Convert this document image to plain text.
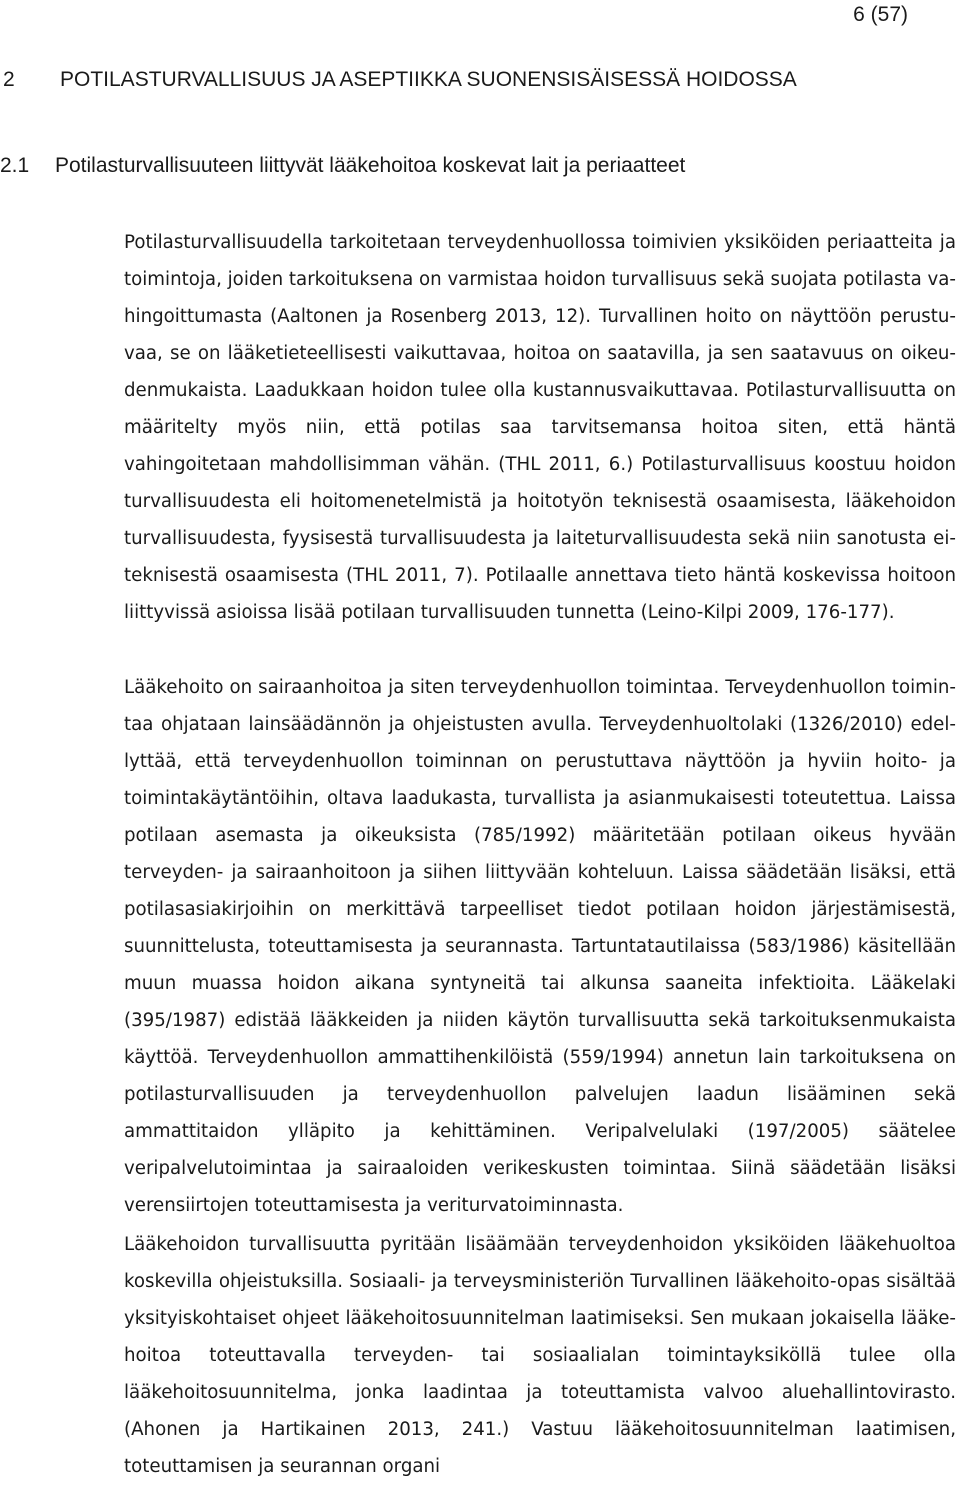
6 (57)
2 POTILASTURVALLISUUS JA ASEPTIIKKA SUONENSISÄISESSÄ HOIDOSSA
2.1 Potilasturvallisuuteen liittyvät lääkehoitoa koskevat lait ja periaatteet

Potilasturvallisuudella tarkoitetaan terveydenhuollossa toimivien yksiköiden periaatteita ja toimintoja, joiden tarkoituksena on varmistaa hoidon turvallisuus sekä suojata potilasta vahingoittumasta (Aaltonen ja Rosenberg 2013, 12). Turvallinen hoito on näyttöön perustuvaa, se on lääketieteellisesti vaikuttavaa, hoitoa on saatavilla, ja sen saatavuus on oikeudenmukaista. Laadukkaan hoidon tulee olla kustannusvaikuttavaa. Potilasturvallisuutta on määritelty myös niin, että potilas saa tarvitsemansa hoitoa siten, että häntä vahingoitetaan mahdollisimman vähän. (THL 2011, 6.) Potilasturvallisuus koostuu hoidon turvallisuudesta eli hoitomenetelmistä ja hoitotyön teknisestä osaamisesta, lääkehoidon turvallisuudesta, fyysisestä turvallisuudesta ja laiteturvallisuudesta sekä niin sanotusta ei-teknisestä osaamisesta (THL 2011, 7). Potilaalle annettava tieto häntä koskevissa hoitoon liittyvissä asioissa lisää potilaan turvallisuuden tunnetta (Leino-Kilpi 2009, 176-177).

Lääkehoito on sairaanhoitoa ja siten terveydenhuollon toimintaa. Terveydenhuollon toimintaa ohjataan lainsäädännön ja ohjeistusten avulla. Terveydenhuoltolaki (1326/2010) edellyttää, että terveydenhuollon toiminnan on perustuttava näyttöön ja hyviin hoito- ja toimintakäytäntöihin, oltava laadukasta, turvallista ja asianmukaisesti toteutettua. Laissa potilaan asemasta ja oikeuksista (785/1992) määritetään potilaan oikeus hyvään terveyden- ja sairaanhoitoon ja siihen liittyvään kohteluun. Laissa säädetään lisäksi, että potilasasiakirjoihin on merkittävä tarpeelliset tiedot potilaan hoidon järjestämisestä, suunnittelusta, toteuttamisesta ja seurannasta. Tartuntatautilaissa (583/1986) käsitellään muun muassa hoidon aikana syntyneitä tai alkunsa saaneita infektioita. Lääkelaki (395/1987) edistää lääkkeiden ja niiden käytön turvallisuutta sekä tarkoituksenmukaista käyttöä. Terveydenhuollon ammattihenkilöistä (559/1994) annetun lain tarkoituksena on potilasturvallisuuden ja terveydenhuollon palvelujen laadun lisääminen sekä ammattitaidon ylläpito ja kehittäminen. Veripalvelulaki (197/2005) säätelee veripalvelutoimintaa ja sairaaloiden verikeskusten toimintaa. Siinä säädetään lisäksi verensiirtojen toteuttamisesta ja veriturvatoiminnasta.

Lääkehoidon turvallisuutta pyritään lisäämään terveydenhoidon yksiköiden lääkehuoltoa koskevilla ohjeistuksilla. Sosiaali- ja terveysministeriön Turvallinen lääkehoito-opas sisältää yksityiskohtaiset ohjeet lääkehoitosuunnitelman laatimiseksi. Sen mukaan jokaisella lääkehoitoa toteuttavalla terveyden- tai sosiaalialan toimintayksiköllä tulee olla lääkehoitosuunnitelma, jonka laadintaa ja toteuttamista valvoo aluehallintovirasto. (Ahonen ja Hartikainen 2013, 241.) Vastuu lääkehoitosuunnitelman laatimisen, toteuttamisen ja seurannan organi
